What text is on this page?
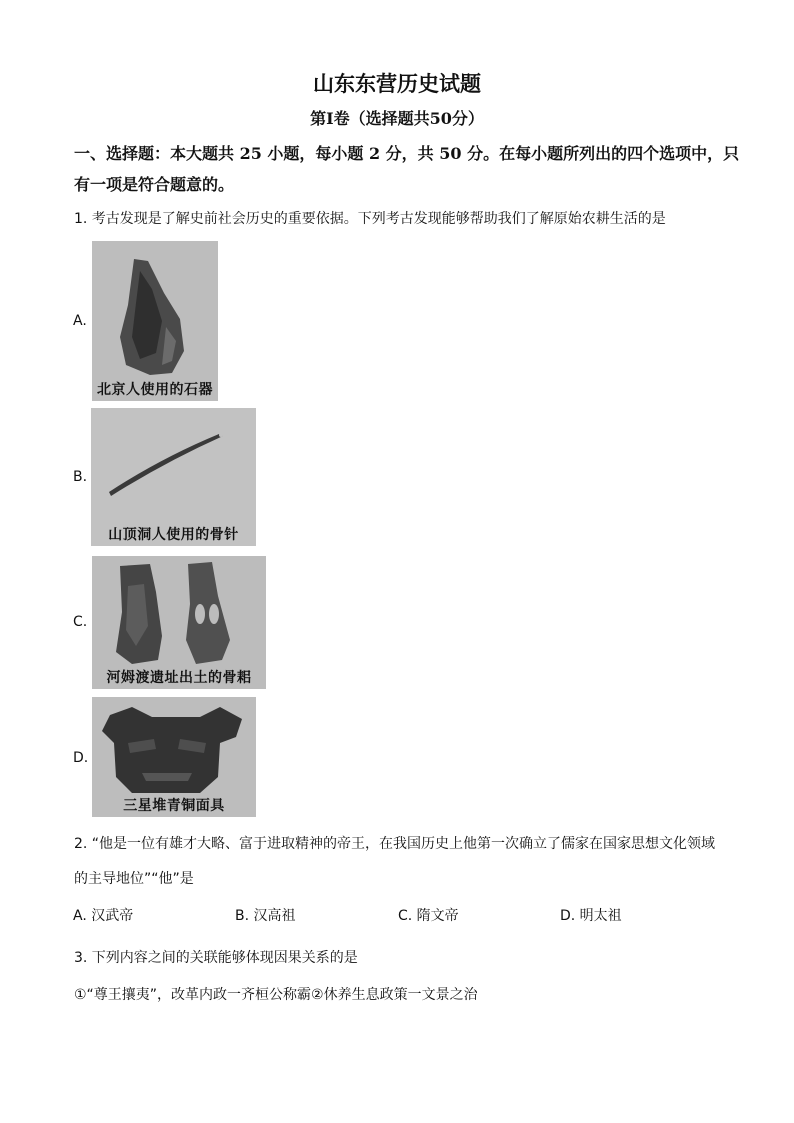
山东东营历史试题
第Ⅰ卷（选择题共50分）
一、选择题：本大题共 25 小题，每小题 2 分，共 50 分。在每小题所列出的四个选项中，只
有一项是符合题意的。
1. 考古发现是了解史前社会历史的重要依据。下列考古发现能够帮助我们了解原始农耕生活的是
A.
北京人使用的石器
B.
山顶洞人使用的骨针
C.
河姆渡遗址出土的骨耜
D.
三星堆青铜面具
2. “他是一位有雄才大略、富于进取精神的帝王，在我国历史上他第一次确立了儒家在国家思想文化领域
的主导地位”“他”是
A. 汉武帝	B. 汉高祖	C. 隋文帝	D. 明太祖
3. 下列内容之间的关联能够体现因果关系的是
①“尊王攘夷”，改革内政一齐桓公称霸②休养生息政策一文景之治
